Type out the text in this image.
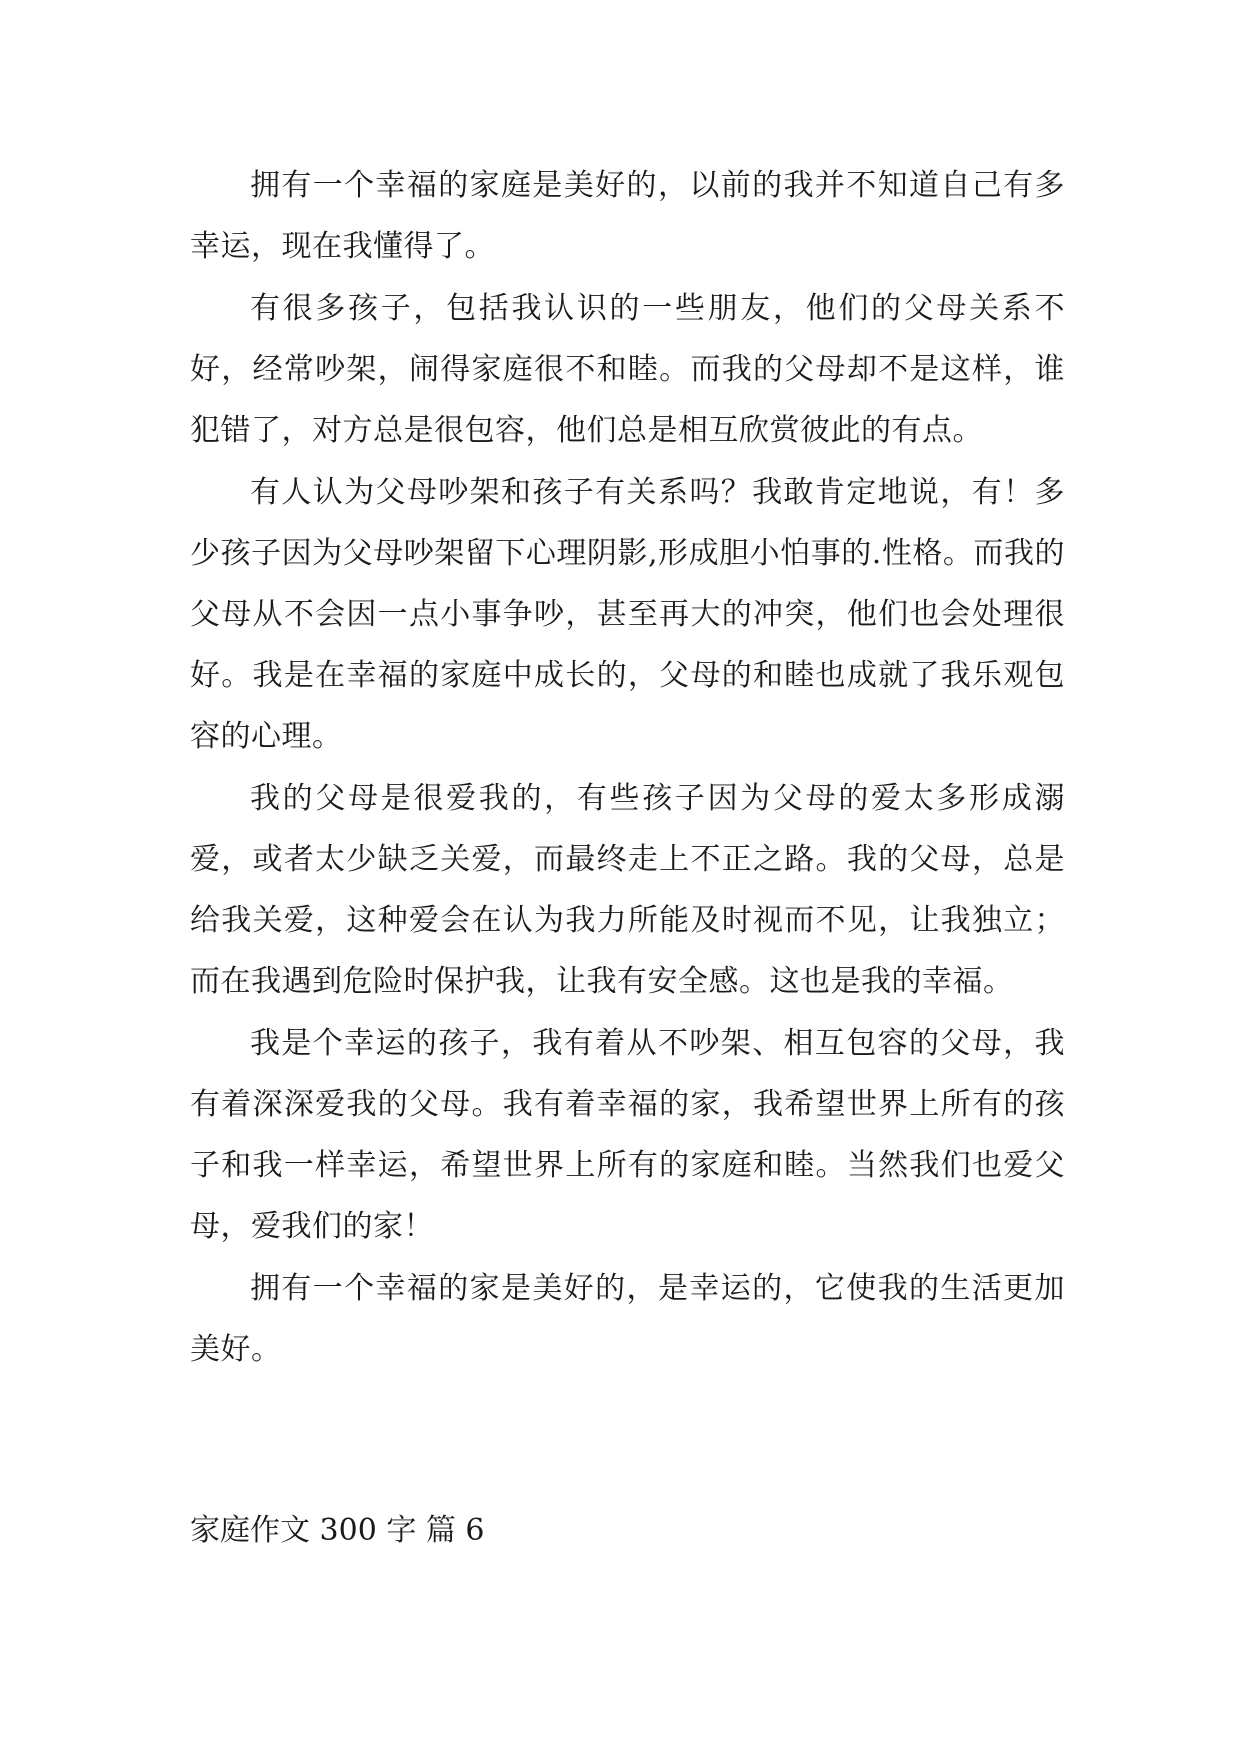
拥有一个幸福的家庭是美好的，以前的我并不知道自己有多幸运，现在我懂得了。

有很多孩子，包括我认识的一些朋友，他们的父母关系不好，经常吵架，闹得家庭很不和睦。而我的父母却不是这样，谁犯错了，对方总是很包容，他们总是相互欣赏彼此的有点。

有人认为父母吵架和孩子有关系吗？我敢肯定地说，有！多少孩子因为父母吵架留下心理阴影,形成胆小怕事的.性格。而我的父母从不会因一点小事争吵，甚至再大的冲突，他们也会处理很好。我是在幸福的家庭中成长的，父母的和睦也成就了我乐观包容的心理。

我的父母是很爱我的，有些孩子因为父母的爱太多形成溺爱，或者太少缺乏关爱，而最终走上不正之路。我的父母，总是给我关爱，这种爱会在认为我力所能及时视而不见，让我独立；而在我遇到危险时保护我，让我有安全感。这也是我的幸福。

我是个幸运的孩子，我有着从不吵架、相互包容的父母，我有着深深爱我的父母。我有着幸福的家，我希望世界上所有的孩子和我一样幸运，希望世界上所有的家庭和睦。当然我们也爱父母，爱我们的家！

拥有一个幸福的家是美好的，是幸运的，它使我的生活更加美好。

家庭作文 300 字 篇 6
